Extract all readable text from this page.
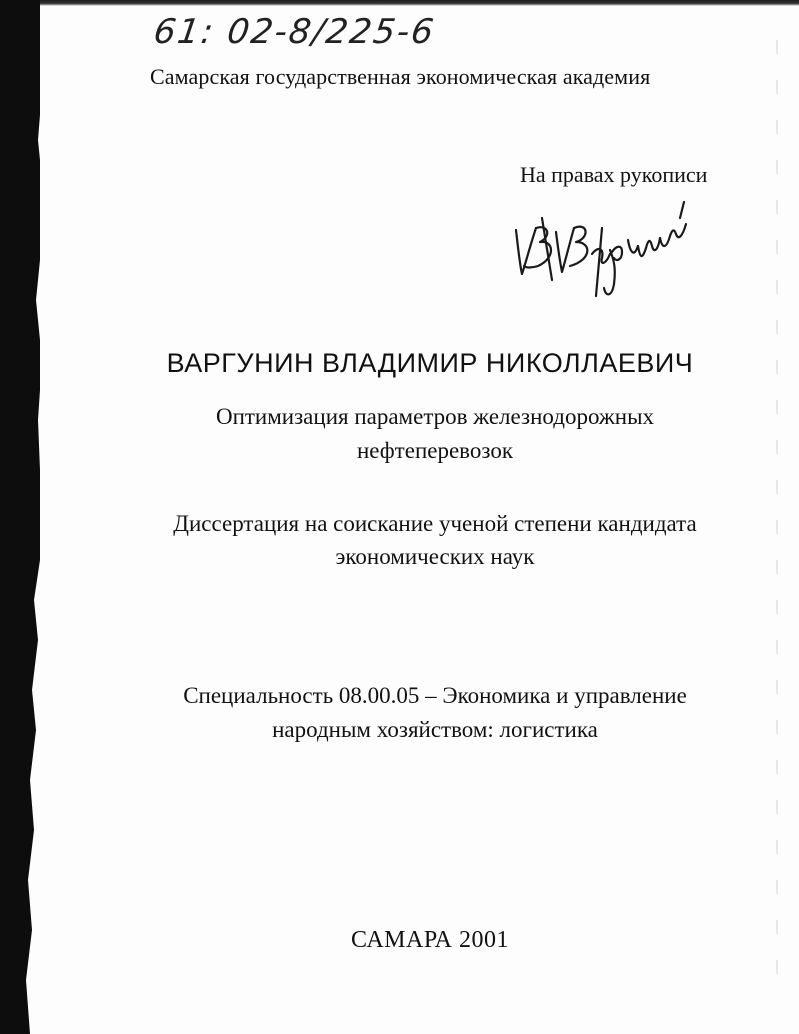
61: 02-8/225-6
Самарская государственная экономическая академия
На правах рукописи
ВАРГУНИН ВЛАДИМИР НИКОЛЛАЕВИЧ
Оптимизация параметров железнодорожных
нефтеперевозок
Диссертация на соискание ученой степени кандидата
экономических наук
Специальность 08.00.05 – Экономика и управление
народным хозяйством: логистика
САМАРА 2001
